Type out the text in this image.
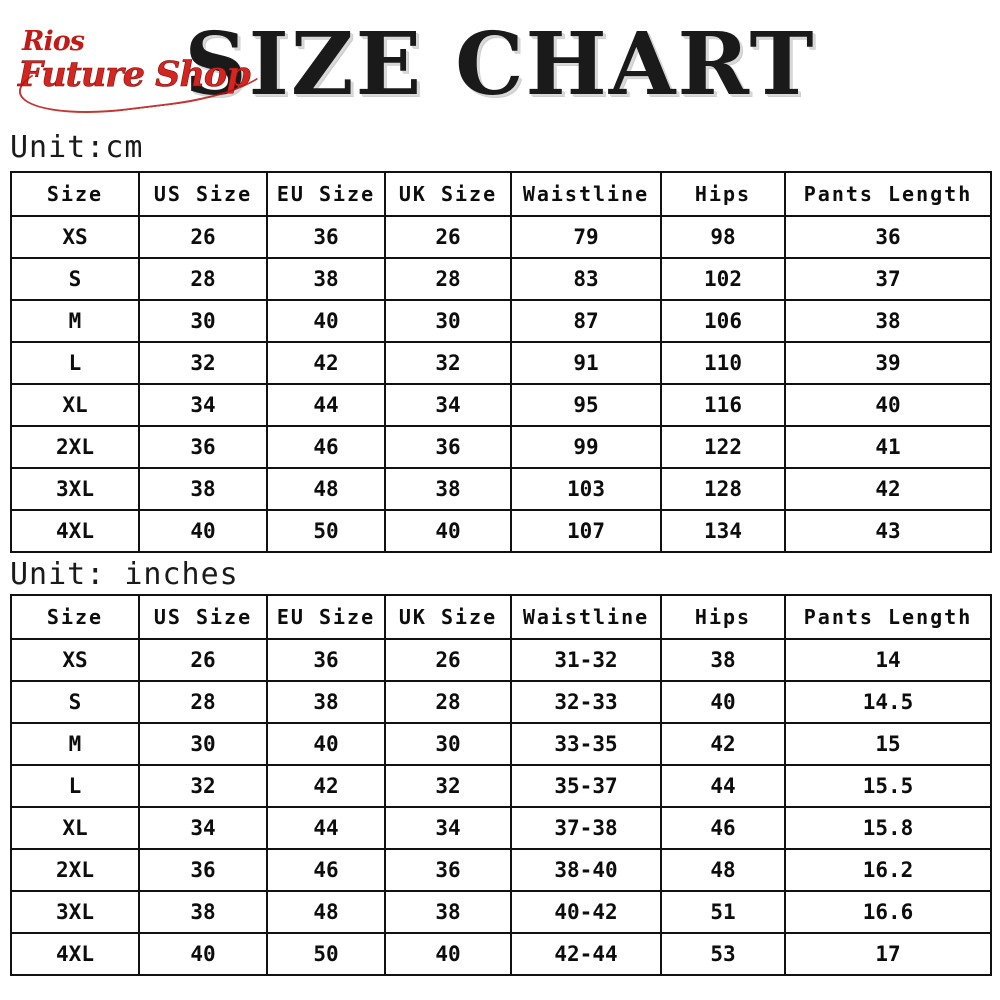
SIZE CHART
Rios
Future Shop
Unit:cm
Size	US Size	EU Size	UK Size	Waistline	Hips	Pants Length
XS	26	36	26	79	98	36
S	28	38	28	83	102	37
M	30	40	30	87	106	38
L	32	42	32	91	110	39
XL	34	44	34	95	116	40
2XL	36	46	36	99	122	41
3XL	38	48	38	103	128	42
4XL	40	50	40	107	134	43
Unit: inches
Size	US Size	EU Size	UK Size	Waistline	Hips	Pants Length
XS	26	36	26	31-32	38	14
S	28	38	28	32-33	40	14.5
M	30	40	30	33-35	42	15
L	32	42	32	35-37	44	15.5
XL	34	44	34	37-38	46	15.8
2XL	36	46	36	38-40	48	16.2
3XL	38	48	38	40-42	51	16.6
4XL	40	50	40	42-44	53	17
